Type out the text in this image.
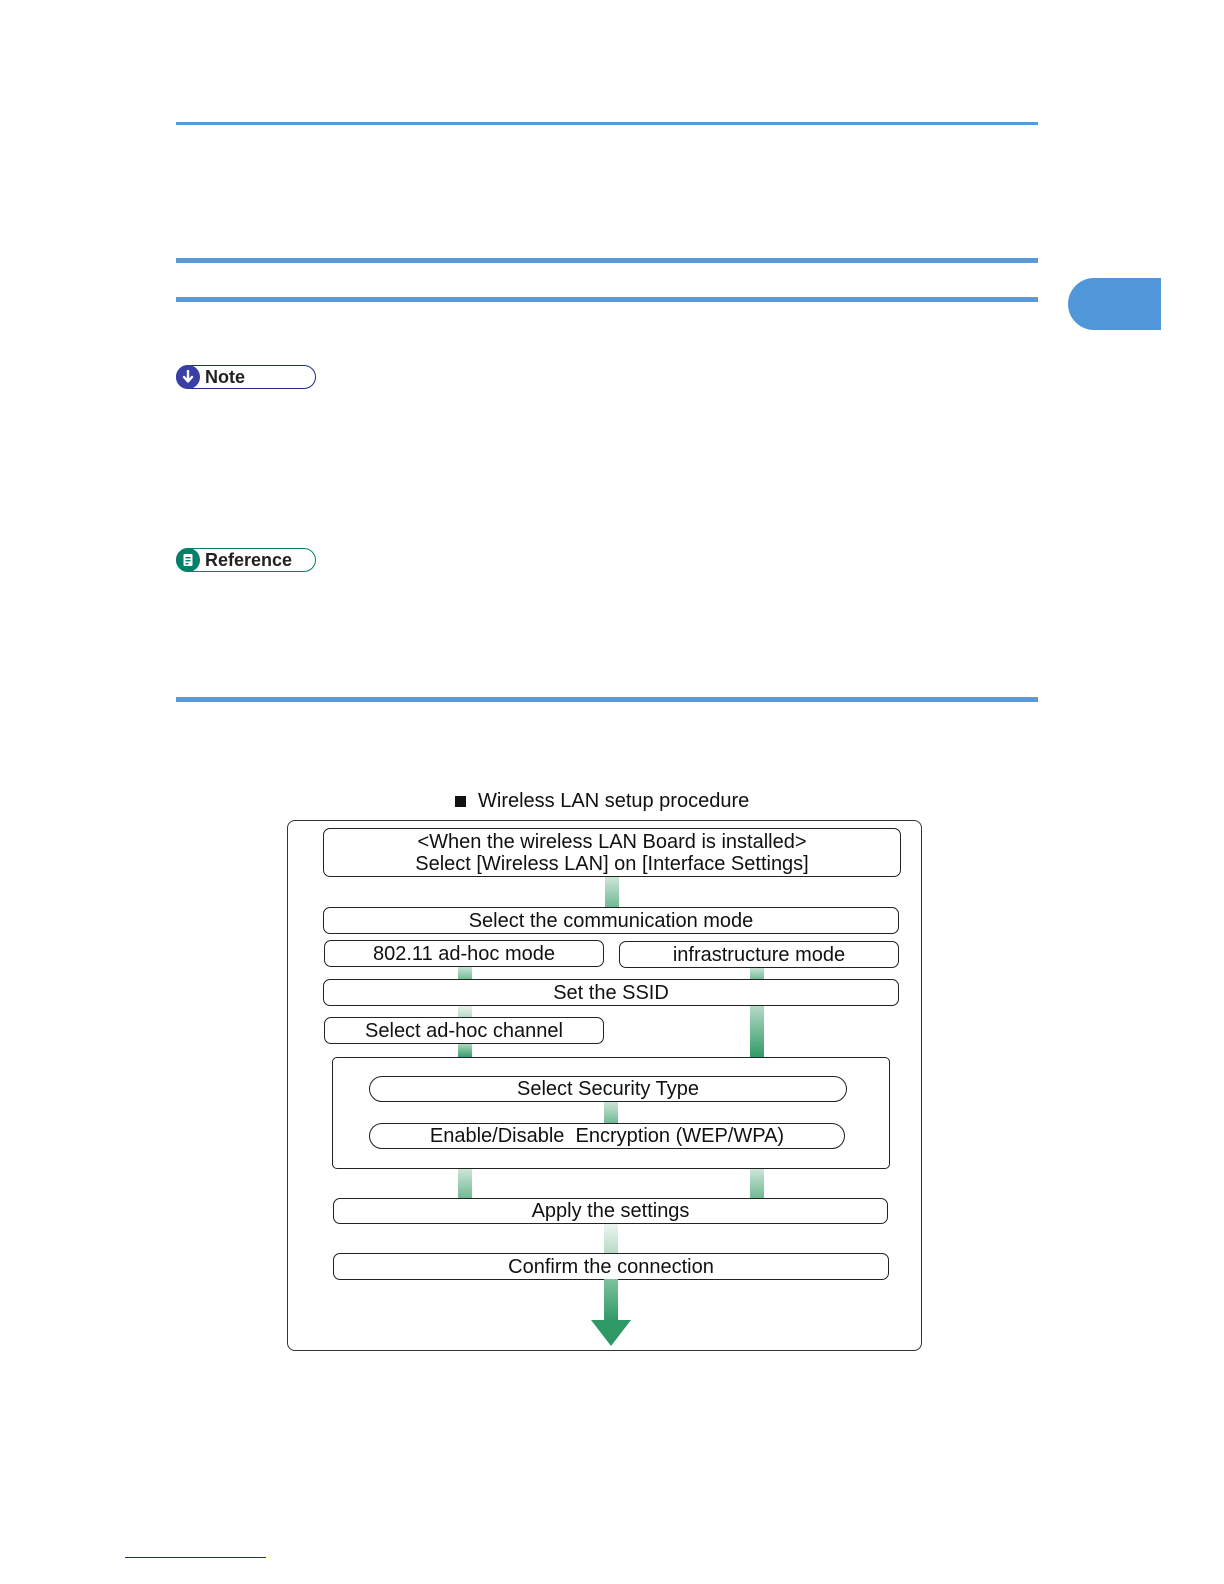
Note
Reference
Wireless LAN setup procedure
<When the wireless LAN Board is installed>
Select [Wireless LAN] on [Interface Settings]
Select the communication mode
802.11 ad-hoc mode	infrastructure mode
Set the SSID
Select ad-hoc channel
Select Security Type
Enable/Disable  Encryption (WEP/WPA)
Apply the settings
Confirm the connection
